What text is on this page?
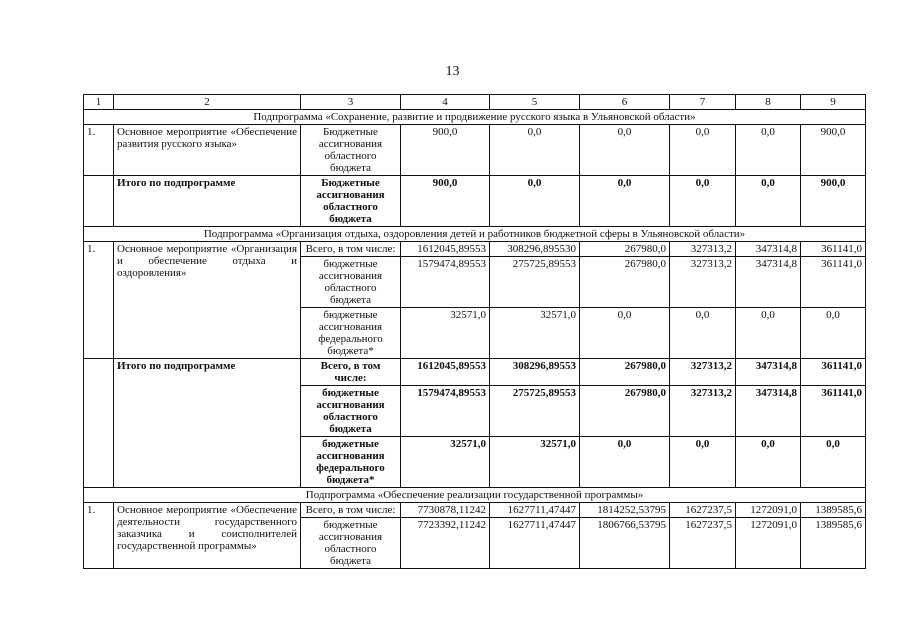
13
1	2	3	4	5	6	7	8	9
Подпрограмма «Сохранение, развитие и продвижение русского языка в Ульяновской области»								
1.	Основное мероприятие «Обеспечение развития русского языка»	Бюджетные ассигнования областного бюджета	900,0	0,0	0,0	0,0	0,0	900,0
	Итого по подпрограмме	Бюджетные ассигнования областного бюджета	900,0	0,0	0,0	0,0	0,0	900,0
Подпрограмма «Организация отдыха, оздоровления детей и работников бюджетной сферы в Ульяновской области»								
1.	Основное мероприятие «Организация и обеспечение отдыха и оздоровления»	Всего, в том числе:	1612045,89553	308296,895530	267980,0	327313,2	347314,8	361141,0
		бюджетные ассигнования областного бюджета	1579474,89553	275725,89553	267980,0	327313,2	347314,8	361141,0
		бюджетные ассигнования федерального бюджета*	32571,0	32571,0	0,0	0,0	0,0	0,0
	Итого по подпрограмме	Всего, в том числе:	1612045,89553	308296,89553	267980,0	327313,2	347314,8	361141,0
		бюджетные ассигнования областного бюджета	1579474,89553	275725,89553	267980,0	327313,2	347314,8	361141,0
		бюджетные ассигнования федерального бюджета*	32571,0	32571,0	0,0	0,0	0,0	0,0
Подпрограмма «Обеспечение реализации государственной программы»								
1.	Основное мероприятие «Обеспечение деятельности государственного заказчика и соисполнителей государственной программы»	Всего, в том числе:	7730878,11242	1627711,47447	1814252,53795	1627237,5	1272091,0	1389585,6
		бюджетные ассигнования областного бюджета	7723392,11242	1627711,47447	1806766,53795	1627237,5	1272091,0	1389585,6
